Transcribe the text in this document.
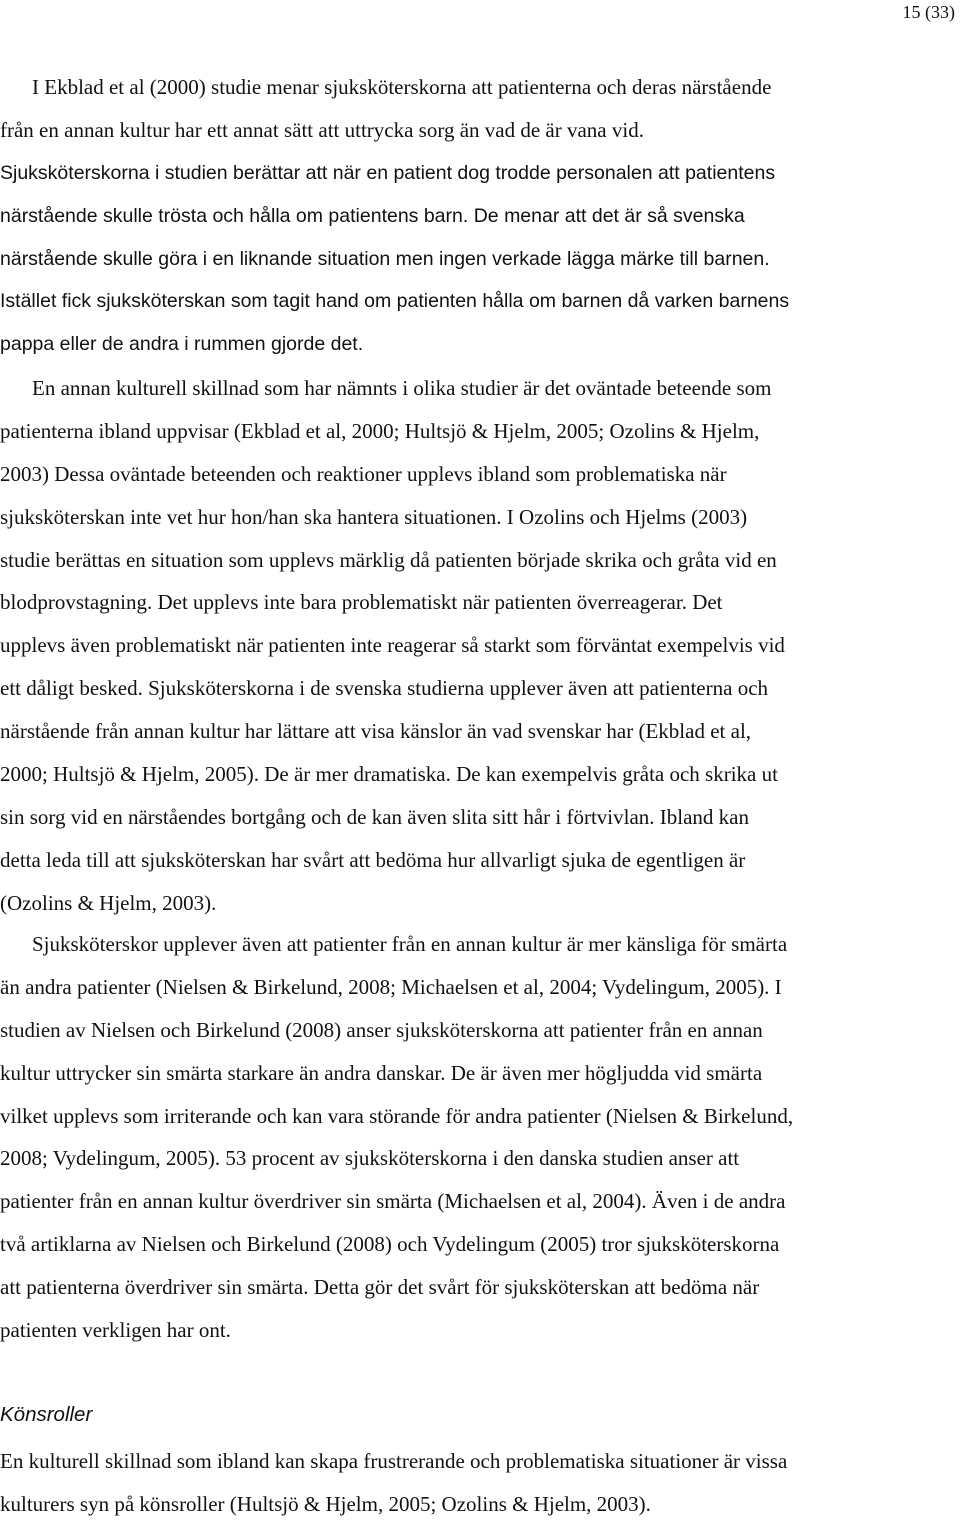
15 (33)
I Ekblad et al (2000) studie menar sjuksköterskorna att patienterna och deras närstående
från en annan kultur har ett annat sätt att uttrycka sorg än vad de är vana vid.
Sjuksköterskorna i studien berättar att när en patient dog trodde personalen att patientens
närstående skulle trösta och hålla om patientens barn. De menar att det är så svenska
närstående skulle göra i en liknande situation men ingen verkade lägga märke till barnen.
Istället fick sjuksköterskan som tagit hand om patienten hålla om barnen då varken barnens
pappa eller de andra i rummen gjorde det.
En annan kulturell skillnad som har nämnts i olika studier är det oväntade beteende som
patienterna ibland uppvisar (Ekblad et al, 2000; Hultsjö & Hjelm, 2005; Ozolins & Hjelm,
2003) Dessa oväntade beteenden och reaktioner upplevs ibland som problematiska när
sjuksköterskan inte vet hur hon/han ska hantera situationen. I Ozolins och Hjelms (2003)
studie berättas en situation som upplevs märklig då patienten började skrika och gråta vid en
blodprovstagning. Det upplevs inte bara problematiskt när patienten överreagerar. Det
upplevs även problematiskt när patienten inte reagerar så starkt som förväntat exempelvis vid
ett dåligt besked. Sjuksköterskorna i de svenska studierna upplever även att patienterna och
närstående från annan kultur har lättare att visa känslor än vad svenskar har (Ekblad et al,
2000; Hultsjö & Hjelm, 2005). De är mer dramatiska. De kan exempelvis gråta och skrika ut
sin sorg vid en närståendes bortgång och de kan även slita sitt hår i förtvivlan. Ibland kan
detta leda till att sjuksköterskan har svårt att bedöma hur allvarligt sjuka de egentligen är
(Ozolins & Hjelm, 2003).
Sjuksköterskor upplever även att patienter från en annan kultur är mer känsliga för smärta
än andra patienter (Nielsen & Birkelund, 2008; Michaelsen et al, 2004; Vydelingum, 2005). I
studien av Nielsen och Birkelund (2008) anser sjuksköterskorna att patienter från en annan
kultur uttrycker sin smärta starkare än andra danskar. De är även mer högljudda vid smärta
vilket upplevs som irriterande och kan vara störande för andra patienter (Nielsen & Birkelund,
2008; Vydelingum, 2005). 53 procent av sjuksköterskorna i den danska studien anser att
patienter från en annan kultur överdriver sin smärta (Michaelsen et al, 2004). Även i de andra
två artiklarna av Nielsen och Birkelund (2008) och Vydelingum (2005) tror sjuksköterskorna
att patienterna överdriver sin smärta. Detta gör det svårt för sjuksköterskan att bedöma när
patienten verkligen har ont.
Könsroller
En kulturell skillnad som ibland kan skapa frustrerande och problematiska situationer är vissa
kulturers syn på könsroller (Hultsjö & Hjelm, 2005; Ozolins & Hjelm, 2003).
